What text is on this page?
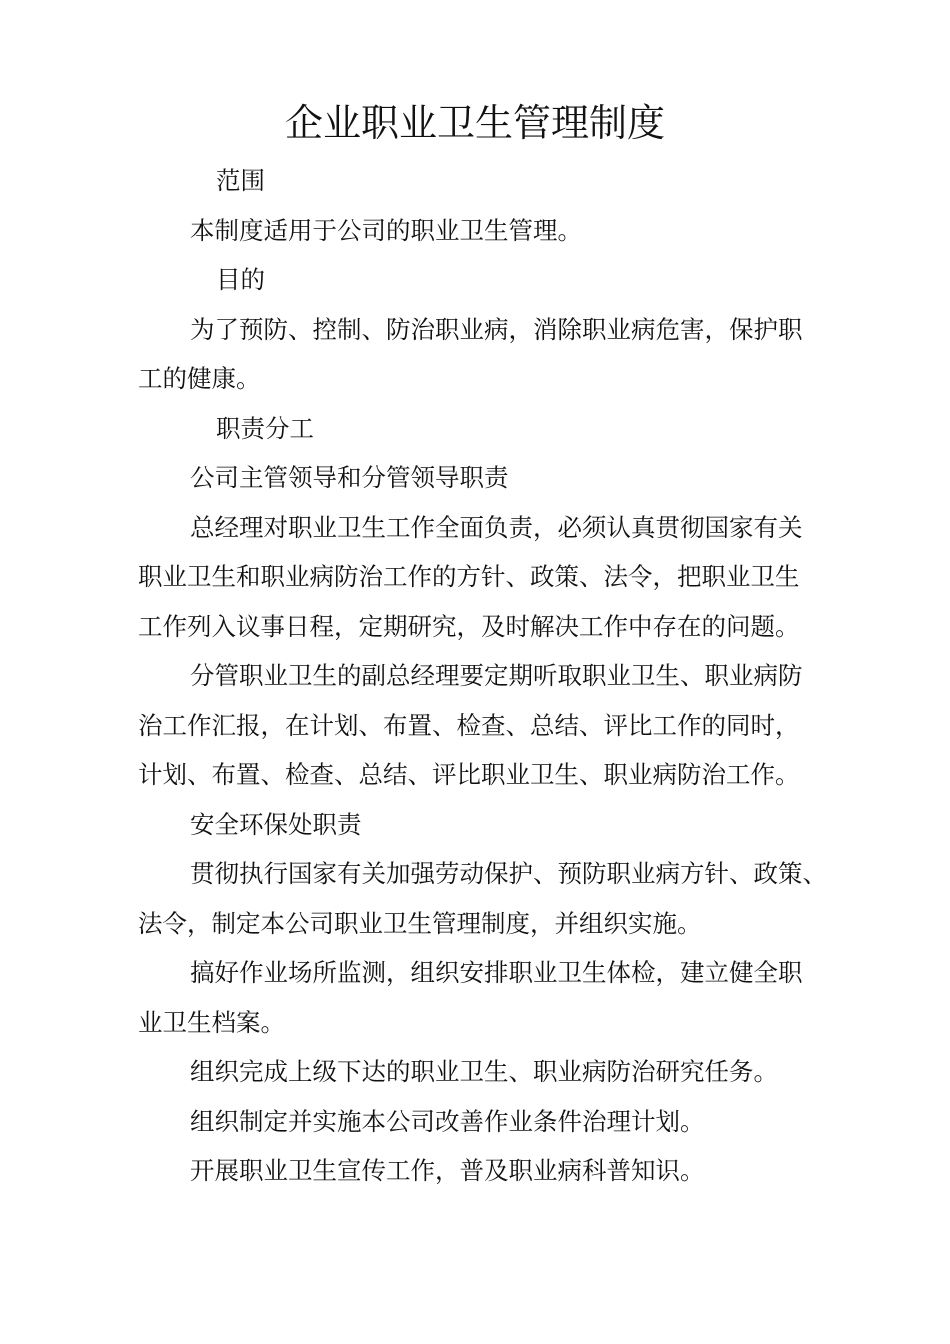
企业职业卫生管理制度

范围

本制度适用于公司的职业卫生管理。

目的

为了预防、控制、防治职业病，消除职业病危害，保护职

工的健康。

职责分工

公司主管领导和分管领导职责

总经理对职业卫生工作全面负责，必须认真贯彻国家有关

职业卫生和职业病防治工作的方针、政策、法令，把职业卫生

工作列入议事日程，定期研究，及时解决工作中存在的问题。

分管职业卫生的副总经理要定期听取职业卫生、职业病防

治工作汇报，在计划、布置、检查、总结、评比工作的同时，

计划、布置、检查、总结、评比职业卫生、职业病防治工作。

安全环保处职责

贯彻执行国家有关加强劳动保护、预防职业病方针、政策、

法令，制定本公司职业卫生管理制度，并组织实施。

搞好作业场所监测，组织安排职业卫生体检，建立健全职

业卫生档案。

组织完成上级下达的职业卫生、职业病防治研究任务。

组织制定并实施本公司改善作业条件治理计划。

开展职业卫生宣传工作，普及职业病科普知识。
